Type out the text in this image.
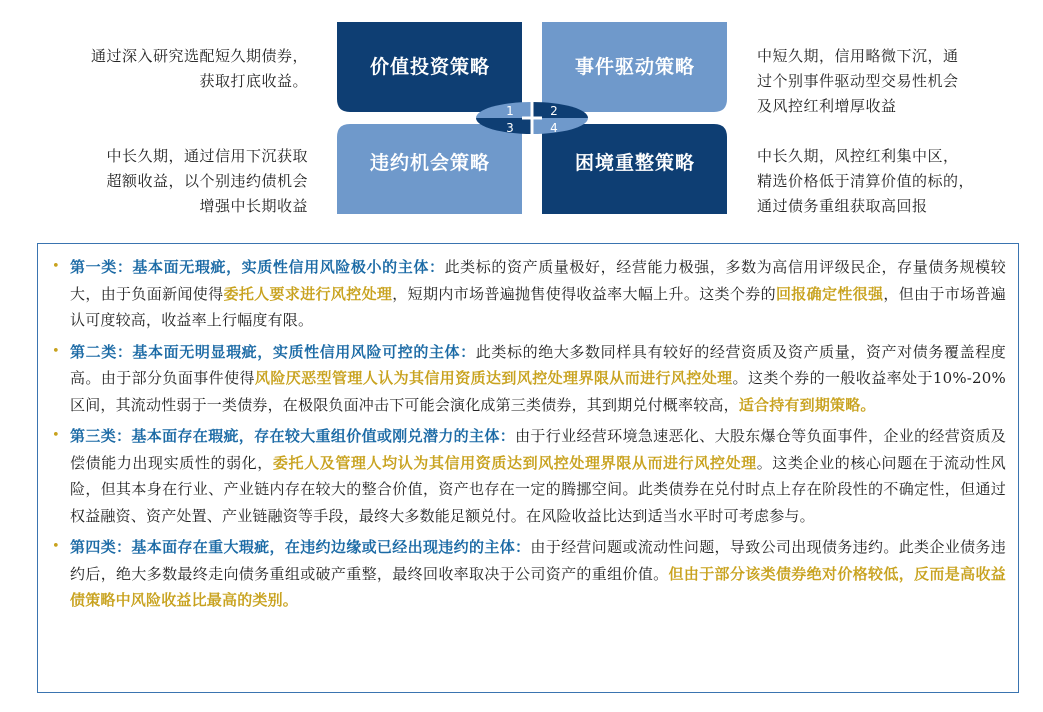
通过深入研究选配短久期债券，
获取打底收益。
中长久期，通过信用下沉获取
超额收益，以个别违约债机会
增强中长期收益
中短久期，信用略微下沉，通
过个别事件驱动型交易性机会
及风控红利增厚收益
中长久期，风控红利集中区，
精选价格低于清算价值的标的，
通过债务重组获取高回报
价值投资策略	事件驱动策略
违约机会策略	困境重整策略
1	2
3	4
• 第一类：基本面无瑕疵，实质性信用风险极小的主体：此类标的资产质量极好，经营能力极强，多数为高信用评级民企，存量债务规模较大，由于负面新闻使得委托人要求进行风控处理，短期内市场普遍抛售使得收益率大幅上升。这类个券的回报确定性很强，但由于市场普遍认可度较高，收益率上行幅度有限。
• 第二类：基本面无明显瑕疵，实质性信用风险可控的主体：此类标的绝大多数同样具有较好的经营资质及资产质量，资产对债务覆盖程度高。由于部分负面事件使得风险厌恶型管理人认为其信用资质达到风控处理界限从而进行风控处理。这类个券的一般收益率处于10%-20%区间，其流动性弱于一类债券，在极限负面冲击下可能会演化成第三类债券，其到期兑付概率较高，适合持有到期策略。
• 第三类：基本面存在瑕疵，存在较大重组价值或刚兑潜力的主体：由于行业经营环境急速恶化、大股东爆仓等负面事件，企业的经营资质及偿债能力出现实质性的弱化，委托人及管理人均认为其信用资质达到风控处理界限从而进行风控处理。这类企业的核心问题在于流动性风险，但其本身在行业、产业链内存在较大的整合价值，资产也存在一定的腾挪空间。此类债券在兑付时点上存在阶段性的不确定性，但通过权益融资、资产处置、产业链融资等手段，最终大多数能足额兑付。在风险收益比达到适当水平时可考虑参与。
• 第四类：基本面存在重大瑕疵，在违约边缘或已经出现违约的主体：由于经营问题或流动性问题，导致公司出现债务违约。此类企业债务违约后，绝大多数最终走向债务重组或破产重整，最终回收率取决于公司资产的重组价值。但由于部分该类债券绝对价格较低，反而是高收益债策略中风险收益比最高的类别。
